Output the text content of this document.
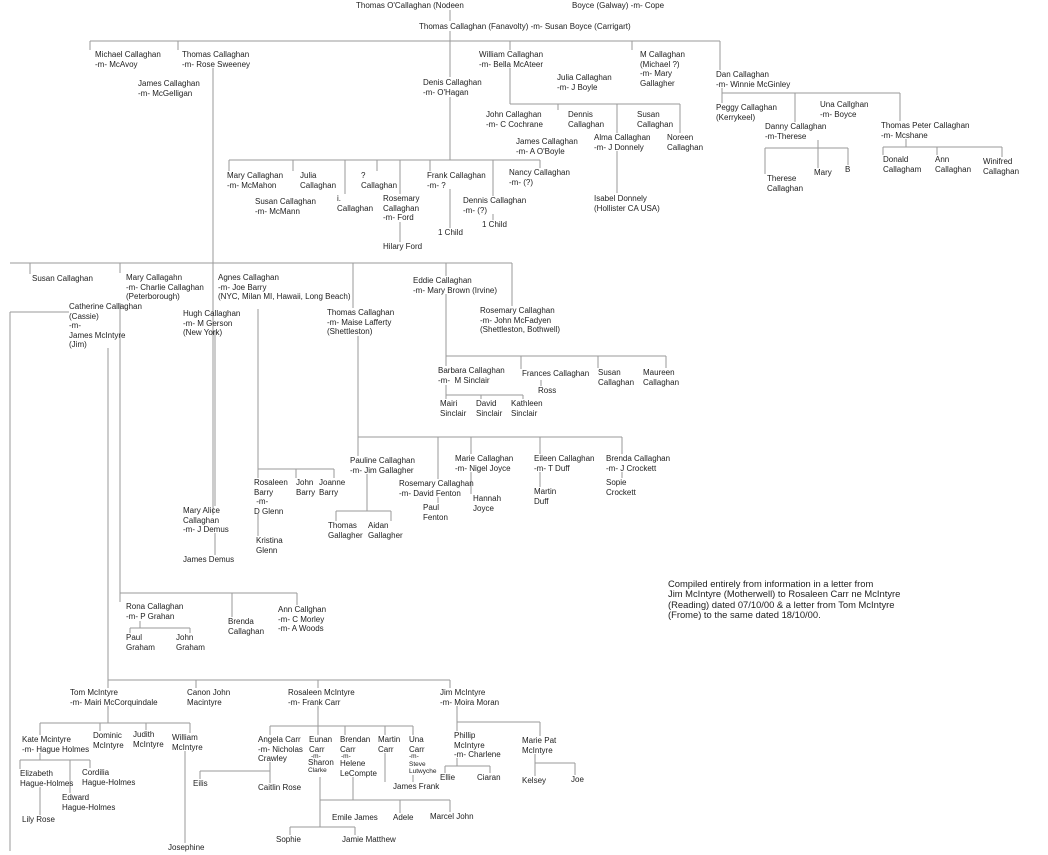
Thomas O'Callaghan (Nodeen	Boyce (Galway) -m- Cope
Thomas Callaghan (Fanavolty) -m- Susan Boyce (Carrigart)
Michael Callaghan
-m- McAvoy
Thomas Callaghan
-m- Rose Sweeney
James Callaghan
-m- McGelligan
William Callaghan
-m- Bella McAteer
M Callaghan
(Michael ?)
-m- Mary
Gallagher
Julia Callaghan
-m- J Boyle
Dan Callaghan
-m- Winnie McGinley
Denis Callaghan
-m- O'Hagan
John Callaghan
-m- C Cochrane
Dennis
Callaghan
Susan
Callaghan
Peggy Callaghan
(Kerrykeel)
Una Callghan
-m- Boyce
Danny Callaghan
-m-Therese
Thomas Peter Callaghan
-m- Mcshane
Alma Callaghan
-m- J Donnely
Noreen
Callaghan
James Callaghan
-m- A O'Boyle
Mary Callaghan
-m- McMahon
Julia
Callaghan
?
Callaghan
Frank Callaghan
-m- ?
Nancy Callaghan
-m- (?)	Therese
Callaghan
Mary B
Donald
Callagham
Ann
Callaghan
Winifred
Callaghan
Susan Callaghan
-m- McMann
i.
Callaghan
Rosemary
Callaghan
-m- Ford
Dennis Callaghan
-m- (?)
Isabel Donnely
(Hollister CA USA)
1 Child
1 Child
Hilary Ford
Susan Callaghan	Mary Callagahn
-m- Charlie Callaghan
(Peterborough)
Agnes Callaghan
-m- Joe Barry
(NYC, Milan MI, Hawaii, Long Beach)
Eddie Callaghan
-m- Mary Brown (Irvine)
Catherine Callaghan
(Cassie)
-m-
James McIntyre
(Jim)
Hugh Callaghan
-m- M Gerson
(New York)
Thomas Callaghan
-m- Maise Lafferty
(Shettleston)
Rosemary Callaghan
-m- John McFadyen
(Shettleston, Bothwell)
Barbara Callaghan
-m-  M Sinclair
Frances Callaghan Susan
Callaghan
Maureen
Callaghan
Ross
Mairi
Sinclair
David
Sinclair
Kathleen
Sinclair
Pauline Callaghan
-m- Jim Gallagher
Marie Callaghan
-m- Nigel Joyce
Eileen Callaghan
-m- T Duff
Brenda Callaghan
-m- J Crockett
Rosemary Callaghan
-m- David Fenton
Hannah
Joyce
Martin
Duff
Sopie
Crockett
Paul
Fenton
Rosaleen
Barry
-m-
D Glenn
John
Barry
Joanne
Barry
Kristina
Glenn
Thomas
Gallagher
Aidan
Gallagher
Mary Alice
Callaghan
-m- J Demus
James Demus
Rona Callaghan
-m- P Grahan
Brenda
Callaghan
Ann Callghan
-m- C Morley
-m- A Woods
Paul
Graham
John
Graham
Tom McIntyre
-m- Mairi McCorquindale
Canon John
Macintyre
Rosaleen McIntyre
-m- Frank Carr
Jim McIntyre
-m- Moira Moran
Kate Mcintyre
-m- Hague Holmes
Dominic
McIntyre
Judith
McIntyre
William
McIntyre
Angela Carr
-m- Nicholas
Crawley
Brendan
Carr
Martin
Carr
Phillip
McIntyre
-m- Charlene
Marie Pat
McIntyre
Elizabeth
Hague-Holmes
Cordilia
Hague-Holmes
Edward
Hague-Holmes
Lily Rose
Eunan
Carr
-m-
Sharon
Clarke
-m-
Helene
LeCompte
Una
Carr
-m-
Steve
Lutwyche
Eilis	Caitlin Rose	James Frank
Ellie	Ciaran	Kelsey	Joe
Emile James Adele Marcel John
Sophie	Jamie Matthew
Josephine
Compiled entirely from information in a letter from
Jim McIntyre (Motherwell) to Rosaleen Carr ne McIntyre
(Reading) dated 07/10/00 & a letter from Tom McIntyre
(Frome) to the same dated 18/10/00.
